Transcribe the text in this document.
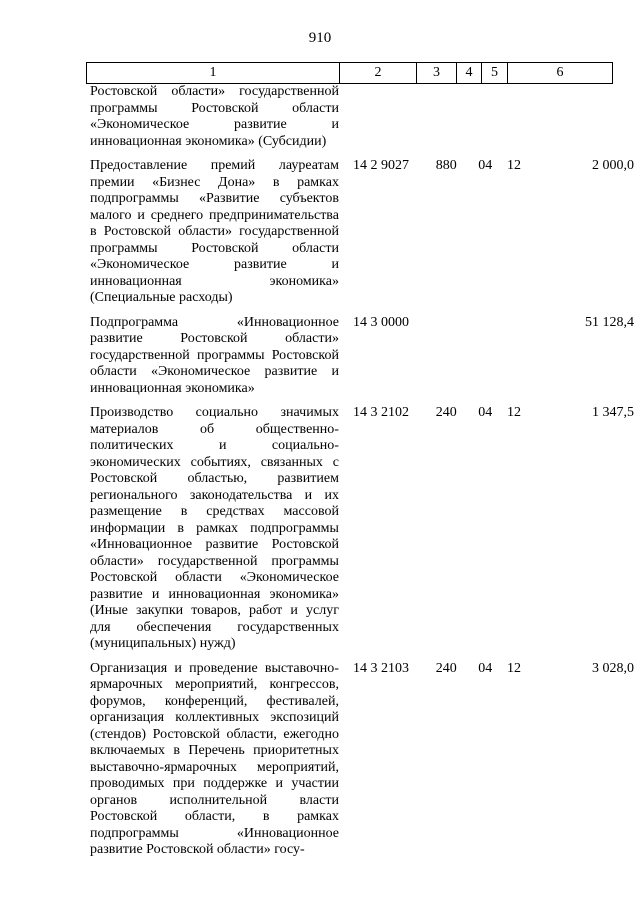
910
1	2	3	4	5	6
Ростовской области» государственной программы Ростовской области «Экономическое развитие и инновационная экономика» (Субсидии)					
Предоставление премий лауреатам премии «Бизнес Дона» в рамках подпрограммы «Развитие субъектов малого и среднего предпринимательства в Ростовской области» государственной программы Ростовской области «Экономическое развитие и инновационная экономика» (Специальные расходы)	14 2 9027	880	04	12	2 000,0
Подпрограмма «Инновационное развитие Ростовской области» государственной программы Ростовской области «Экономическое развитие и инновационная экономика»	14 3 0000				51 128,4
Производство социально значимых материалов об общественно-политических и социально-экономических событиях, связанных с Ростовской областью, развитием регионального законодательства и их размещение в средствах массовой информации в рамках подпрограммы «Инновационное развитие Ростовской области» государственной программы Ростовской области «Экономическое развитие и инновационная экономика» (Иные закупки товаров, работ и услуг для обеспечения государственных (муниципальных) нужд)	14 3 2102	240	04	12	1 347,5
Организация и проведение выставочно-ярмарочных мероприятий, конгрессов, форумов, конференций, фестивалей, организация коллективных экспозиций (стендов) Ростовской области, ежегодно включаемых в Перечень приоритетных выставочно-ярмарочных мероприятий, проводимых при поддержке и участии органов исполнительной власти Ростовской области, в рамках подпрограммы «Инновационное развитие Ростовской области» госу-	14 3 2103	240	04	12	3 028,0
